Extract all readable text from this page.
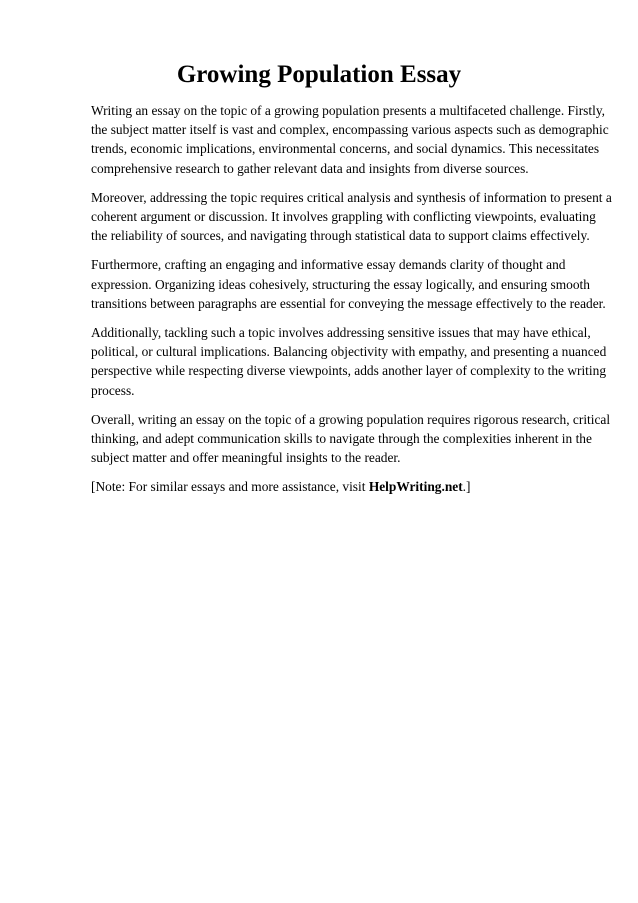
Growing Population Essay

Writing an essay on the topic of a growing population presents a multifaceted challenge. Firstly,
the subject matter itself is vast and complex, encompassing various aspects such as demographic
trends, economic implications, environmental concerns, and social dynamics. This necessitates
comprehensive research to gather relevant data and insights from diverse sources.

Moreover, addressing the topic requires critical analysis and synthesis of information to present a
coherent argument or discussion. It involves grappling with conflicting viewpoints, evaluating
the reliability of sources, and navigating through statistical data to support claims effectively.

Furthermore, crafting an engaging and informative essay demands clarity of thought and
expression. Organizing ideas cohesively, structuring the essay logically, and ensuring smooth
transitions between paragraphs are essential for conveying the message effectively to the reader.

Additionally, tackling such a topic involves addressing sensitive issues that may have ethical,
political, or cultural implications. Balancing objectivity with empathy, and presenting a nuanced
perspective while respecting diverse viewpoints, adds another layer of complexity to the writing
process.

Overall, writing an essay on the topic of a growing population requires rigorous research, critical
thinking, and adept communication skills to navigate through the complexities inherent in the
subject matter and offer meaningful insights to the reader.

[Note: For similar essays and more assistance, visit HelpWriting.net.]
